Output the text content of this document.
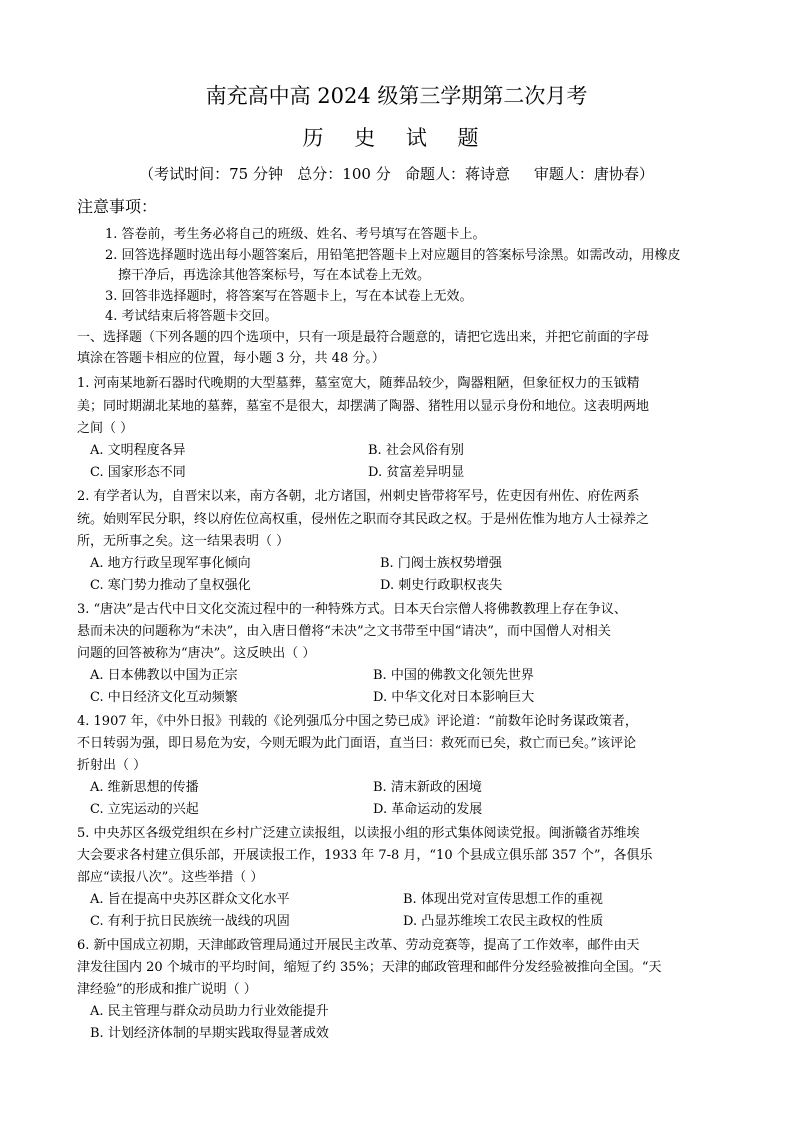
南充高中高 2024 级第三学期第二次月考
历 史 试 题
（考试时间：75 分钟   总分：100 分   命题人：蒋诗意     审题人：唐协春）
注意事项：
1. 答卷前，考生务必将自己的班级、姓名、考号填写在答题卡上。
2. 回答选择题时选出每小题答案后，用铅笔把答题卡上对应题目的答案标号涂黑。如需改动，用橡皮
擦干净后，再选涂其他答案标号，写在本试卷上无效。
3. 回答非选择题时，将答案写在答题卡上，写在本试卷上无效。
4. 考试结束后将答题卡交回。
一、选择题（下列各题的四个选项中，只有一项是最符合题意的，请把它选出来，并把它前面的字母
填涂在答题卡相应的位置，每小题 3 分，共 48 分。）
1. 河南某地新石器时代晚期的大型墓葬，墓室宽大，随葬品较少，陶器粗陋，但象征权力的玉钺精
美；同时期湖北某地的墓葬，墓室不是很大，却摆满了陶器、猪牲用以显示身份和地位。这表明两地
之间（ ）
A. 文明程度各异	B. 社会风俗有别
C. 国家形态不同	D. 贫富差异明显
2. 有学者认为，自晋宋以来，南方各朝，北方诸国，州刺史皆带将军号，佐吏因有州佐、府佐两系
统。始则军民分职，终以府佐位高权重，侵州佐之职而夺其民政之权。于是州佐惟为地方人士禄养之
所，无所事之矣。这一结果表明（ ）
A. 地方行政呈现军事化倾向	B. 门阀士族权势增强
C. 寒门势力推动了皇权强化	D. 刺史行政职权丧失
3. “唐决”是古代中日文化交流过程中的一种特殊方式。日本天台宗僧人将佛教教理上存在争议、
悬而未决的问题称为“未决”，由入唐日僧将“未决”之文书带至中国“请决”，而中国僧人对相关
问题的回答被称为“唐决”。这反映出（ ）
A. 日本佛教以中国为正宗	B. 中国的佛教文化领先世界
C. 中日经济文化互动频繁	D. 中华文化对日本影响巨大
4. 1907 年，《中外日报》刊载的《论列强瓜分中国之势已成》评论道：“前数年论时务谋政策者，
不日转弱为强，即日易危为安，今则无暇为此门面语，直当曰：救死而已矣，救亡而已矣。”该评论
折射出（ ）
A. 维新思想的传播	B. 清末新政的困境
C. 立宪运动的兴起	D. 革命运动的发展
5. 中央苏区各级党组织在乡村广泛建立读报组，以读报小组的形式集体阅读党报。闽浙赣省苏维埃
大会要求各村建立俱乐部，开展读报工作，1933 年 7-8 月，“10 个县成立俱乐部 357 个”，各俱乐
部应“读报八次”。这些举措（ ）
A. 旨在提高中央苏区群众文化水平	B. 体现出党对宣传思想工作的重视
C. 有利于抗日民族统一战线的巩固	D. 凸显苏维埃工农民主政权的性质
6. 新中国成立初期，天津邮政管理局通过开展民主改革、劳动竞赛等，提高了工作效率，邮件由天
津发往国内 20 个城市的平均时间，缩短了约 35%；天津的邮政管理和邮件分发经验被推向全国。“天
津经验”的形成和推广说明（ ）
A. 民主管理与群众动员助力行业效能提升
B. 计划经济体制的早期实践取得显著成效
